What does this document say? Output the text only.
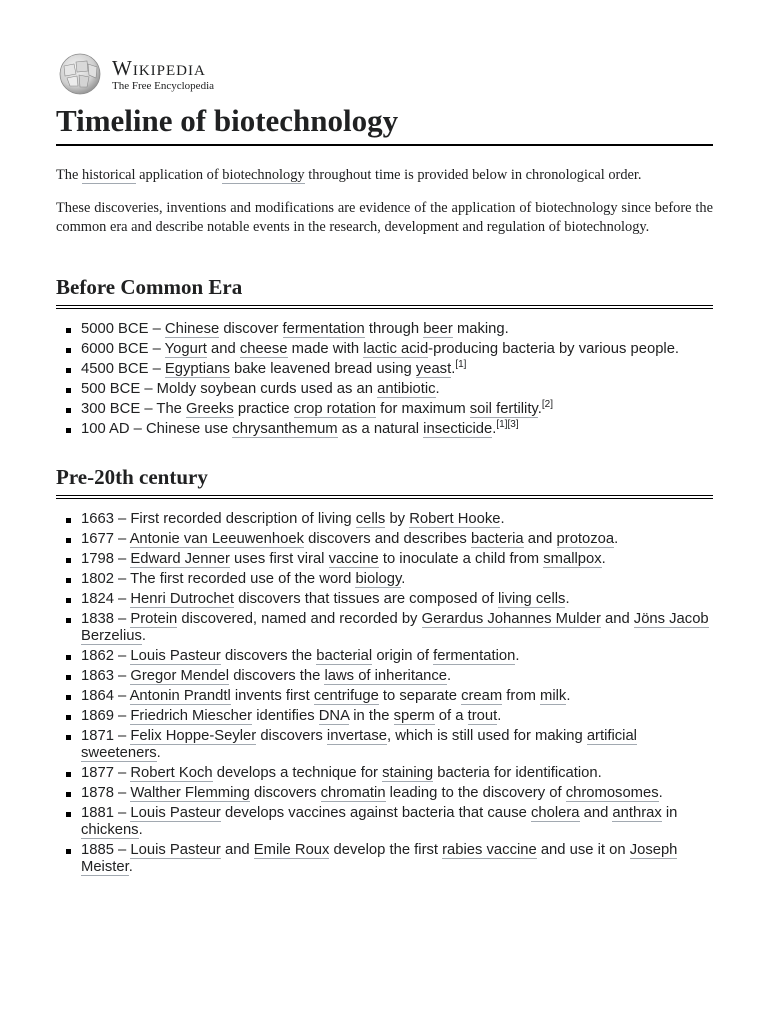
Wikipedia
The Free Encyclopedia
Timeline of biotechnology

The historical application of biotechnology throughout time is provided below in chronological order.

These discoveries, inventions and modifications are evidence of the application of biotechnology since before the common era and describe notable events in the research, development and regulation of biotechnology.

Before Common Era
5000 BCE – Chinese discover fermentation through beer making.
6000 BCE – Yogurt and cheese made with lactic acid-producing bacteria by various people.
4500 BCE – Egyptians bake leavened bread using yeast.[1]
500 BCE – Moldy soybean curds used as an antibiotic.
300 BCE – The Greeks practice crop rotation for maximum soil fertility.[2]
100 AD – Chinese use chrysanthemum as a natural insecticide.[1][3]
Pre-20th century
1663 – First recorded description of living cells by Robert Hooke.
1677 – Antonie van Leeuwenhoek discovers and describes bacteria and protozoa.
1798 – Edward Jenner uses first viral vaccine to inoculate a child from smallpox.
1802 – The first recorded use of the word biology.
1824 – Henri Dutrochet discovers that tissues are composed of living cells.
1838 – Protein discovered, named and recorded by Gerardus Johannes Mulder and Jöns Jacob Berzelius.
1862 – Louis Pasteur discovers the bacterial origin of fermentation.
1863 – Gregor Mendel discovers the laws of inheritance.
1864 – Antonin Prandtl invents first centrifuge to separate cream from milk.
1869 – Friedrich Miescher identifies DNA in the sperm of a trout.
1871 – Felix Hoppe-Seyler discovers invertase, which is still used for making artificial sweeteners.
1877 – Robert Koch develops a technique for staining bacteria for identification.
1878 – Walther Flemming discovers chromatin leading to the discovery of chromosomes.
1881 – Louis Pasteur develops vaccines against bacteria that cause cholera and anthrax in chickens.
1885 – Louis Pasteur and Emile Roux develop the first rabies vaccine and use it on Joseph Meister.
